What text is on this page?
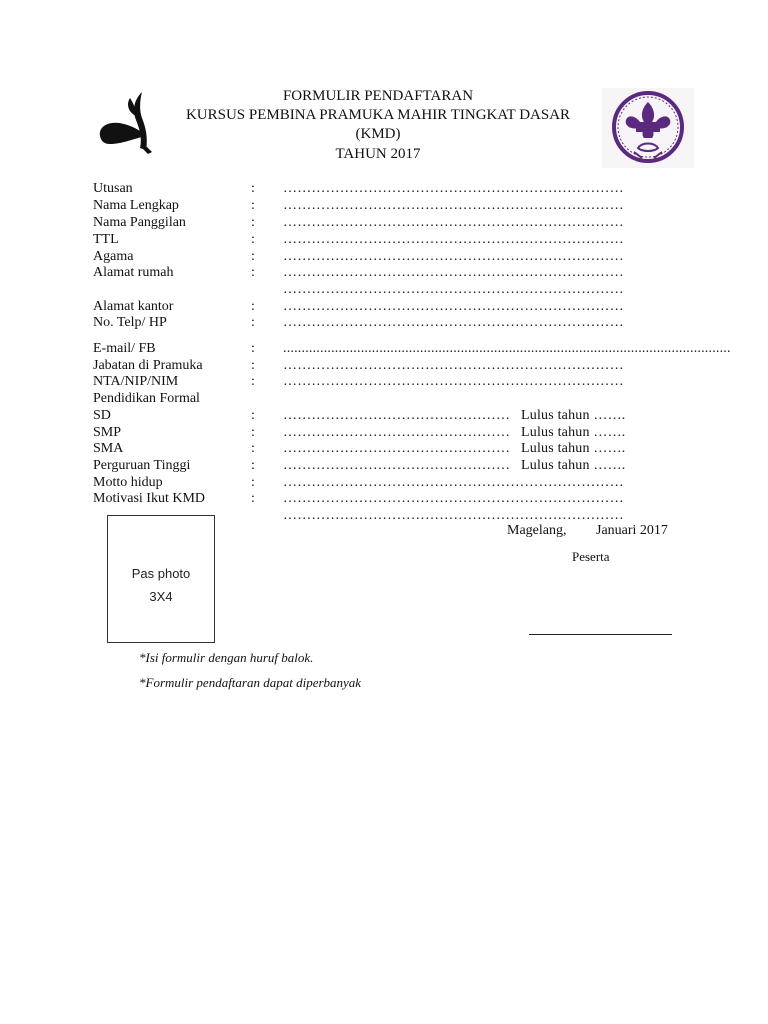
FORMULIR PENDAFTARAN
KURSUS PEMBINA PRAMUKA MAHIR TINGKAT DASAR
(KMD)
TAHUN 2017
Utusan	: ………………………………………………………………
Nama Lengkap	: ………………………………………………………………
Nama Panggilan	: ………………………………………………………………
TTL	: ………………………………………………………………
Agama	: ………………………………………………………………
Alamat rumah	: ………………………………………………………………
………………………………………………………………
Alamat kantor	: ………………………………………………………………
No. Telp/ HP	: ………………………………………………………………
E-mail/ FB	: .........................................................................................................................
Jabatan di Pramuka	: ………………………………………………………………
NTA/NIP/NIM	: ………………………………………………………………
Pendidikan Formal
SD	: ………………………………………… Lulus tahun …….
SMP	: ………………………………………… Lulus tahun …….
SMA	: ………………………………………… Lulus tahun …….
Perguruan Tinggi	: ………………………………………… Lulus tahun …….
Motto hidup	: ………………………………………………………………
Motivasi Ikut KMD	: ………………………………………………………………
………………………………………………………………
Pas photo
3X4
Magelang, Januari 2017
Peserta
*Isi formulir dengan huruf balok.
*Formulir pendaftaran dapat diperbanyak
